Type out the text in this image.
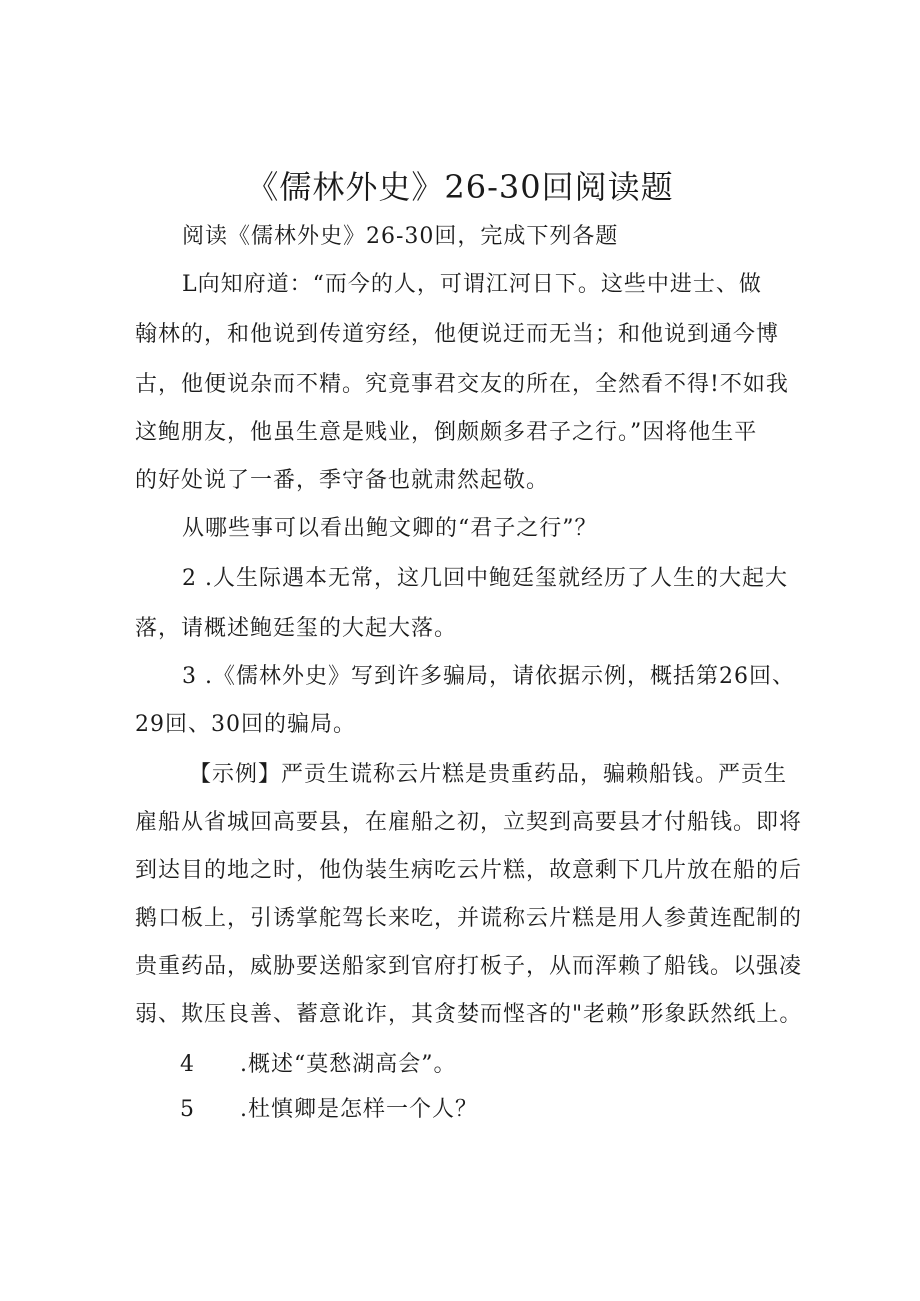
《儒林外史》26-30回阅读题
阅读《儒林外史》26-30回，完成下列各题
L向知府道：“而今的人，可谓江河日下。这些中进士、做
翰林的，和他说到传道穷经，他便说迂而无当；和他说到通今博
古，他便说杂而不精。究竟事君交友的所在，全然看不得!不如我
这鲍朋友，他虽生意是贱业，倒颇颇多君子之行。”因将他生平
的好处说了一番，季守备也就肃然起敬。
从哪些事可以看出鲍文卿的“君子之行”？
2 .人生际遇本无常，这几回中鲍廷玺就经历了人生的大起大
落，请概述鲍廷玺的大起大落。
3 .《儒林外史》写到许多骗局，请依据示例，概括第26回、
29回、30回的骗局。
【示例】严贡生谎称云片糕是贵重药品，骗赖船钱。严贡生
雇船从省城回高要县，在雇船之初，立契到高要县才付船钱。即将
到达目的地之时，他伪装生病吃云片糕，故意剩下几片放在船的后
鹅口板上，引诱掌舵驾长来吃，并谎称云片糕是用人参黄连配制的
贵重药品，威胁要送船家到官府打板子，从而浑赖了船钱。以强凌
弱、欺压良善、蓄意讹诈，其贪婪而悭吝的"老赖”形象跃然纸上。
4 .概述“莫愁湖高会”。
5 .杜慎卿是怎样一个人？
